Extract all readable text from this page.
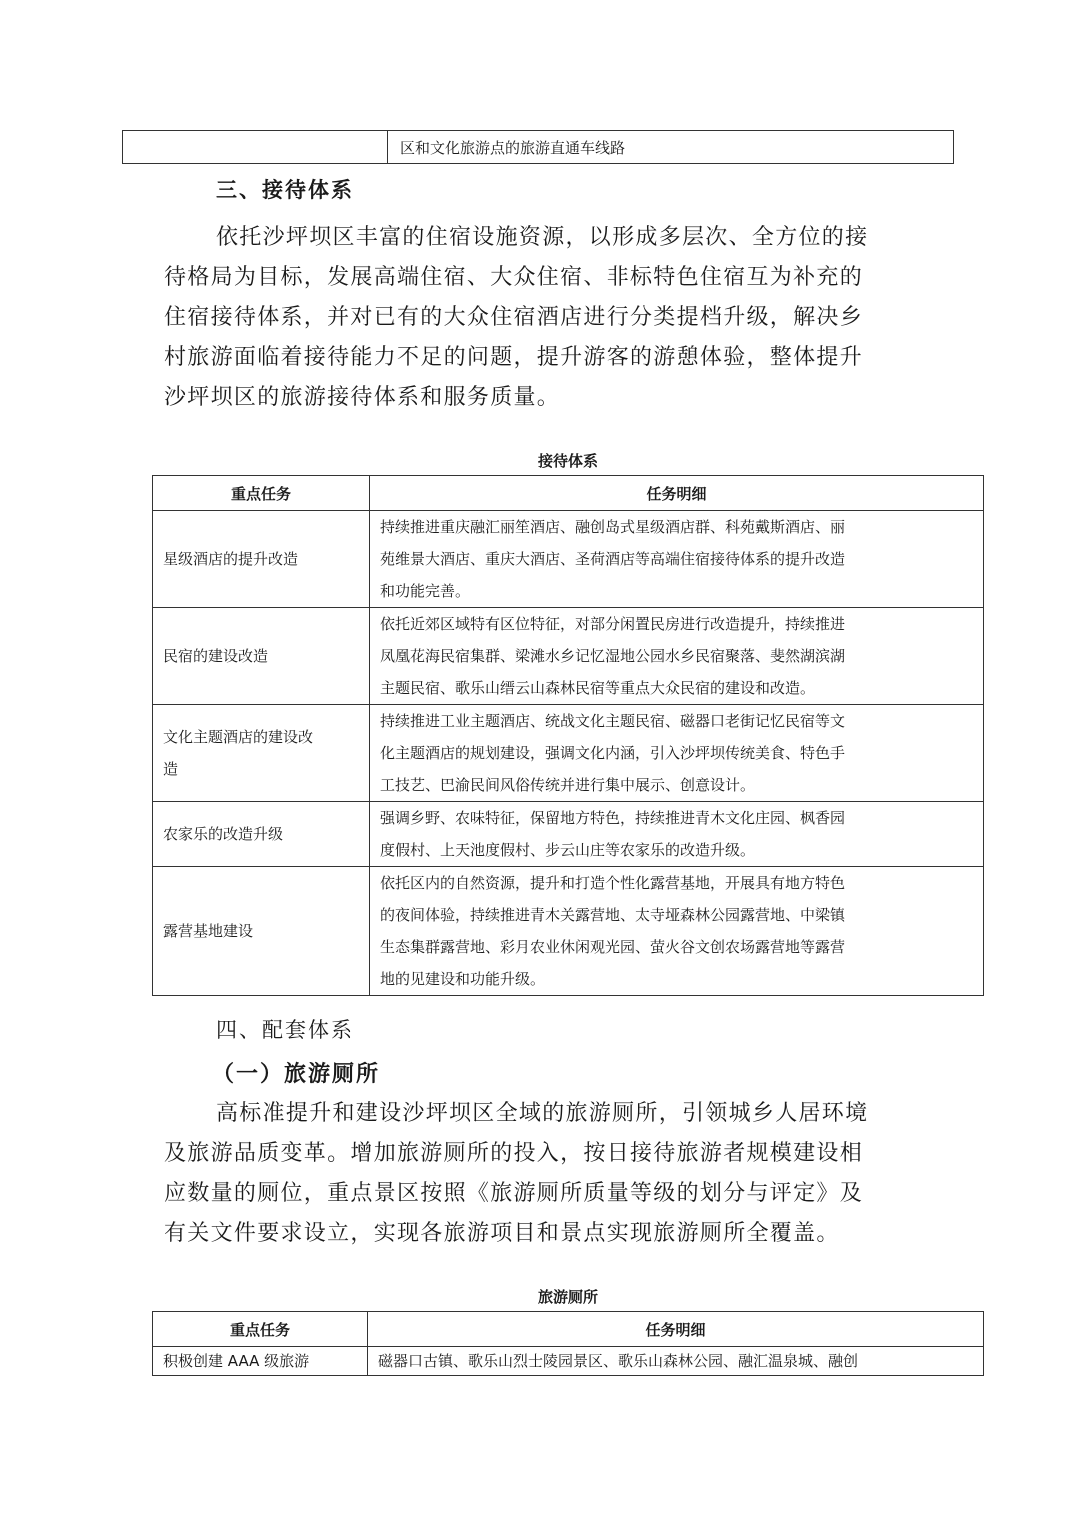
	区和文化旅游点的旅游直通车线路
三、接待体系
依托沙坪坝区丰富的住宿设施资源，以形成多层次、全方位的接
待格局为目标，发展高端住宿、大众住宿、非标特色住宿互为补充的
住宿接待体系，并对已有的大众住宿酒店进行分类提档升级，解决乡
村旅游面临着接待能力不足的问题，提升游客的游憩体验，整体提升
沙坪坝区的旅游接待体系和服务质量。
接待体系
重点任务	任务明细

星级酒店的提升改造	持续推进重庆融汇丽笙酒店、融创岛式星级酒店群、科苑戴斯酒店、丽
苑维景大酒店、重庆大酒店、圣荷酒店等高端住宿接待体系的提升改造
和功能完善。

民宿的建设改造	依托近郊区域特有区位特征，对部分闲置民房进行改造提升，持续推进
凤凰花海民宿集群、梁滩水乡记忆湿地公园水乡民宿聚落、斐然湖滨湖
主题民宿、歌乐山缙云山森林民宿等重点大众民宿的建设和改造。

文化主题酒店的建设改
造	持续推进工业主题酒店、统战文化主题民宿、磁器口老街记忆民宿等文
化主题酒店的规划建设，强调文化内涵，引入沙坪坝传统美食、特色手
工技艺、巴渝民间风俗传统并进行集中展示、创意设计。

农家乐的改造升级	强调乡野、农味特征，保留地方特色，持续推进青木文化庄园、枫香园
度假村、上天池度假村、步云山庄等农家乐的改造升级。

露营基地建设	依托区内的自然资源，提升和打造个性化露营基地，开展具有地方特色
的夜间体验，持续推进青木关露营地、太寺垭森林公园露营地、中梁镇
生态集群露营地、彩月农业休闲观光园、萤火谷文创农场露营地等露营
地的见建设和功能升级。
四、配套体系
（一）旅游厕所
高标准提升和建设沙坪坝区全域的旅游厕所，引领城乡人居环境
及旅游品质变革。增加旅游厕所的投入，按日接待旅游者规模建设相
应数量的厕位，重点景区按照《旅游厕所质量等级的划分与评定》及
有关文件要求设立，实现各旅游项目和景点实现旅游厕所全覆盖。
旅游厕所
重点任务	任务明细
积极创建 AAA 级旅游	磁器口古镇、歌乐山烈士陵园景区、歌乐山森林公园、融汇温泉城、融创
